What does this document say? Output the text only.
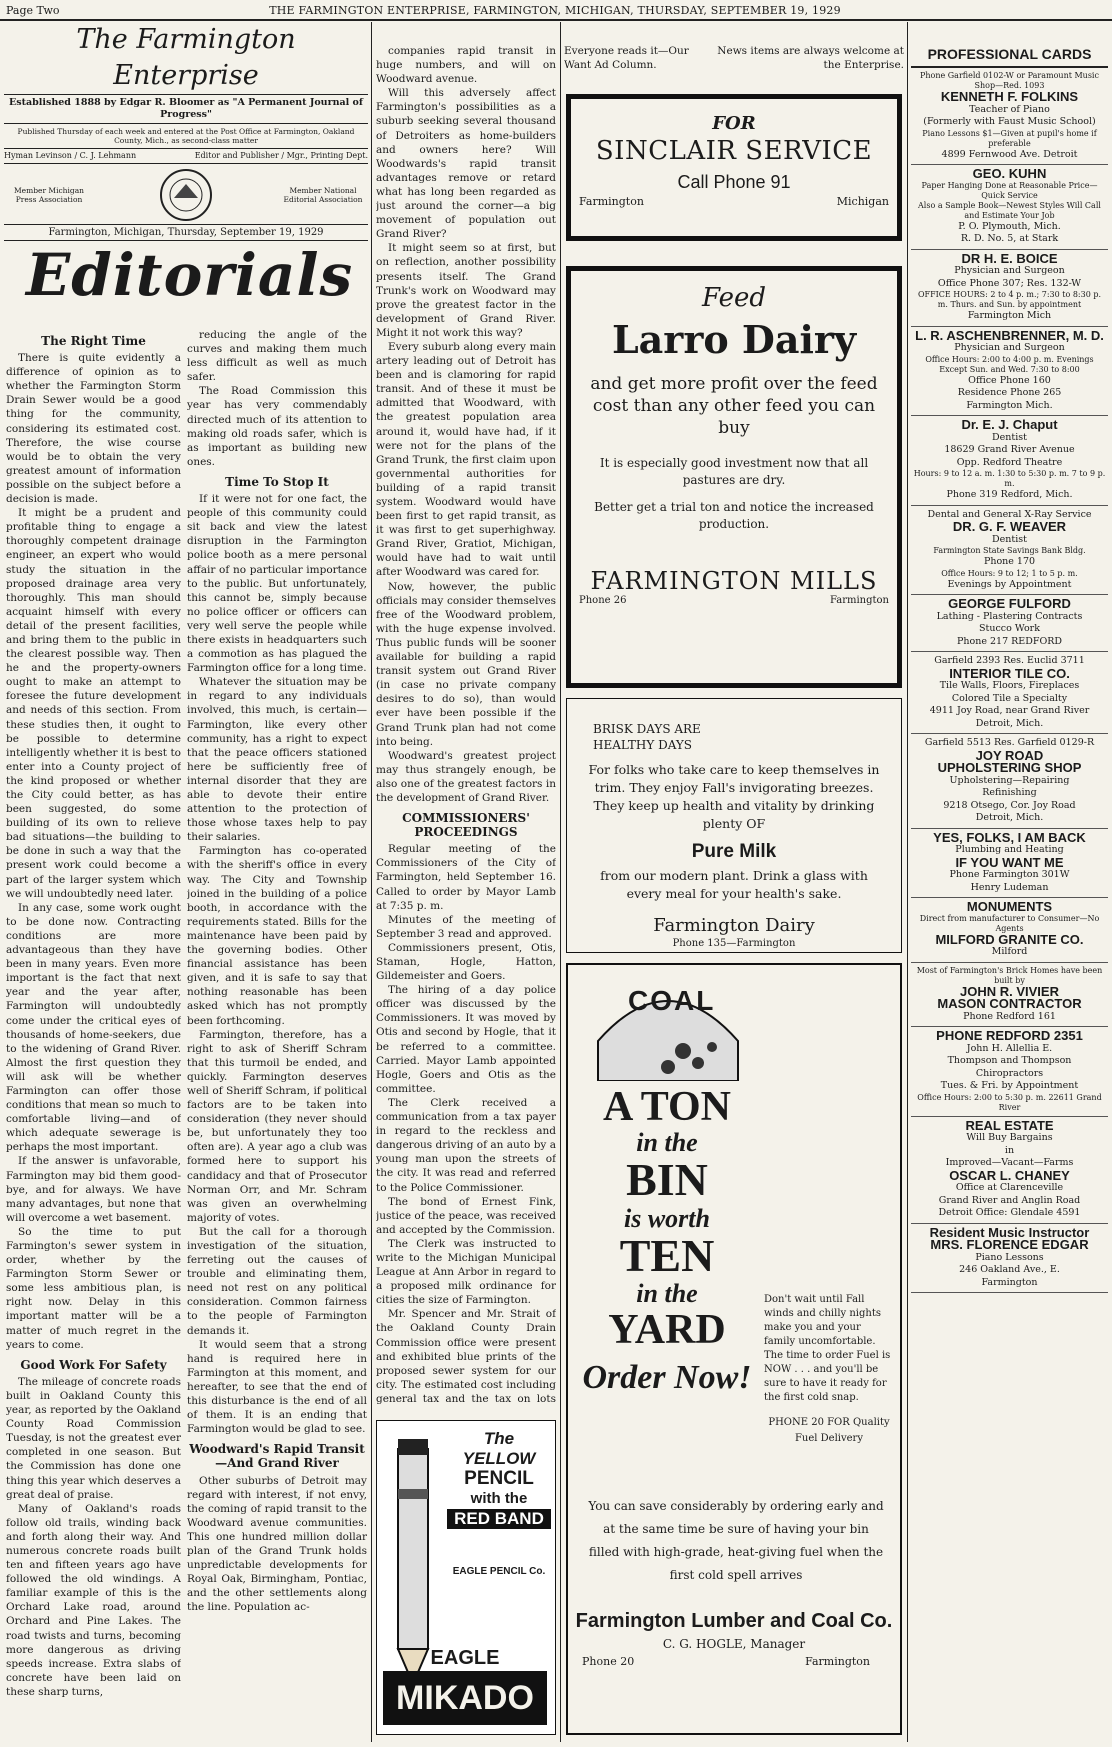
Page Two	THE FARMINGTON ENTERPRISE, FARMINGTON, MICHIGAN, THURSDAY, SEPTEMBER 19, 1929
The Farmington Enterprise
Established 1888 by Edgar R. Bloomer as "A Permanent Journal of Progress"
Published Thursday of each week and entered at the Post Office at Farmington, Oakland County, Mich., as second-class matter
Hyman Levinson / C. J. Lehmann	Editor and Publisher / Mgr., Printing Dept.
Member Michigan Press Association
Member National Editorial Association
Farmington, Michigan, Thursday, September 19, 1929
Editorials
The Right Time

There is quite evidently a difference of opinion as to whether the Farmington Storm Drain Sewer would be a good thing for the community, considering its estimated cost. Therefore, the wise course would be to obtain the very greatest amount of information possible on the subject before a decision is made.

It might be a prudent and profitable thing to engage a thoroughly competent drainage engineer, an expert who would study the situation in the proposed drainage area very thoroughly. This man should acquaint himself with every detail of the present facilities, and bring them to the public in the clearest possible way. Then he and the property-owners ought to make an attempt to foresee the future development and needs of this section. From these studies then, it ought to be possible to determine intelligently whether it is best to enter into a County project of the kind proposed or whether the City could better, as has been suggested, do some building of its own to relieve bad situations—the building to be done in such a way that the present work could become a part of the larger system which we will undoubtedly need later.

In any case, some work ought to be done now. Contracting conditions are more advantageous than they have been in many years. Even more important is the fact that next year and the year after, Farmington will undoubtedly come under the critical eyes of thousands of home-seekers, due to the widening of Grand River. Almost the first question they will ask will be whether Farmington can offer those conditions that mean so much to comfortable living—and of which adequate sewerage is perhaps the most important.

If the answer is unfavorable, Farmington may bid them good-bye, and for always. We have many advantages, but none that will overcome a wet basement.

So the time to put Farmington's sewer system in order, whether by the Farmington Storm Sewer or some less ambitious plan, is right now. Delay in this important matter will be a matter of much regret in the years to come.

Good Work For Safety

The mileage of concrete roads built in Oakland County this year, as reported by the Oakland County Road Commission Tuesday, is not the greatest ever completed in one season. But the Commission has done one thing this year which deserves a great deal of praise.

Many of Oakland's roads follow old trails, winding back and forth along their way. And numerous concrete roads built ten and fifteen years ago have followed the old windings. A familiar example of this is the Orchard Lake road, around Orchard and Pine Lakes. The road twists and turns, becoming more dangerous as driving speeds increase. Extra slabs of concrete have been laid on these sharp turns,

reducing the angle of the curves and making them much less difficult as well as much safer.

The Road Commission this year has very commendably directed much of its attention to making old roads safer, which is as important as building new ones.

Time To Stop It

If it were not for one fact, the people of this community could sit back and view the latest disruption in the Farmington police booth as a mere personal affair of no particular importance to the public. But unfortunately, this cannot be, simply because no police officer or officers can very well serve the people while there exists in headquarters such a commotion as has plagued the Farmington office for a long time.

Whatever the situation may be in regard to any individuals involved, this much, is certain—Farmington, like every other community, has a right to expect that the peace officers stationed here be sufficiently free of internal disorder that they are able to devote their entire attention to the protection of those whose taxes help to pay their salaries.

Farmington has co-operated with the sheriff's office in every way. The City and Township joined in the building of a police booth, in accordance with the requirements stated. Bills for the maintenance have been paid by the governing bodies. Other financial assistance has been given, and it is safe to say that nothing reasonable has been asked which has not promptly been forthcoming.

Farmington, therefore, has a right to ask of Sheriff Schram that this turmoil be ended, and quickly. Farmington deserves well of Sheriff Schram, if political factors are to be taken into consideration (they never should be, but unfortunately they too often are). A year ago a club was formed here to support his candidacy and that of Prosecutor Norman Orr, and Mr. Schram was given an overwhelming majority of votes.

But the call for a thorough investigation of the situation, ferreting out the causes of trouble and eliminating them, need not rest on any political consideration. Common fairness to the people of Farmington demands it.

It would seem that a strong hand is required here in Farmington at this moment, and hereafter, to see that the end of this disturbance is the end of all of them. It is an ending that Farmington would be glad to see.

Woodward's Rapid Transit —And Grand River

Other suburbs of Detroit may regard with interest, if not envy, the coming of rapid transit to the Woodward avenue communities. This one hundred million dollar plan of the Grand Trunk holds unpredictable developments for Royal Oak, Birmingham, Pontiac, and the other settlements along the line. Population ac-

companies rapid transit in huge numbers, and will on Woodward avenue.

Will this adversely affect Farmington's possibilities as a suburb seeking several thousand of Detroiters as home-builders and owners here? Will Woodwards's rapid transit advantages remove or retard what has long been regarded as just around the corner—a big movement of population out Grand River?

It might seem so at first, but on reflection, another possibility presents itself. The Grand Trunk's work on Woodward may prove the greatest factor in the development of Grand River. Might it not work this way?

Every suburb along every main artery leading out of Detroit has been and is clamoring for rapid transit. And of these it must be admitted that Woodward, with the greatest population area around it, would have had, if it were not for the plans of the Grand Trunk, the first claim upon governmental authorities for building of a rapid transit system. Woodward would have been first to get rapid transit, as it was first to get superhighway. Grand River, Gratiot, Michigan, would have had to wait until after Woodward was cared for.

Now, however, the public officials may consider themselves free of the Woodward problem, with the huge expense involved. Thus public funds will be sooner available for building a rapid transit system out Grand River (in case no private company desires to do so), than would ever have been possible if the Grand Trunk plan had not come into being.

Woodward's greatest project may thus strangely enough, be also one of the greatest factors in the development of Grand River.

COMMISSIONERS' PROCEEDINGS

Regular meeting of the Commissioners of the City of Farmington, held September 16. Called to order by Mayor Lamb at 7:35 p. m.

Minutes of the meeting of September 3 read and approved.

Commissioners present, Otis, Staman, Hogle, Hatton, Gildemeister and Goers.

The hiring of a day police officer was discussed by the Commissioners. It was moved by Otis and second by Hogle, that it be referred to a committee. Carried. Mayor Lamb appointed Hogle, Goers and Otis as the committee.

The Clerk received a communication from a tax payer in regard to the reckless and dangerous driving of an auto by a young man upon the streets of the city. It was read and referred to the Police Commissioner.

The bond of Ernest Fink, justice of the peace, was received and accepted by the Commission.

The Clerk was instructed to write to the Michigan Municipal League at Ann Arbor in regard to a proposed milk ordinance for cities the size of Farmington.

Mr. Spencer and Mr. Strait of the Oakland County Drain Commission office were present and exhibited blue prints of the proposed sewer system for our city. The estimated cost including general tax and the tax on lots

The YELLOW
PENCIL
with the
RED BAND
EAGLE PENCIL Co.
EAGLE
MIKADO
Everyone reads it—Our Want Ad Column.
News items are always welcome at the Enterprise.
FOR
SINCLAIR SERVICE
Call Phone 91
Farmington	Michigan
Feed
Larro Dairy
and get more profit over the feed cost than any other feed you can buy
It is especially good investment now that all pastures are dry.
Better get a trial ton and notice the increased production.
FARMINGTON MILLS
Phone 26	Farmington
BRISK DAYS ARE HEALTHY DAYS
For folks who take care to keep themselves in trim. They enjoy Fall's invigorating breezes. They keep up health and vitality by drinking plenty OF
Pure Milk
from our modern plant. Drink a glass with every meal for your health's sake.
Farmington Dairy
Phone 135—Farmington
COAL
A TON
in the
BIN
is worth
TEN
in the
YARD
Order Now!
Don't wait until Fall winds and chilly nights make you and your family uncomfortable. The time to order Fuel is NOW . . . and you'll be sure to have it ready for the first cold snap.
PHONE 20 FOR Quality Fuel Delivery
You can save considerably by ordering early and at the same time be sure of having your bin filled with high-grade, heat-giving fuel when the first cold spell arrives
Farmington Lumber and Coal Co.
C. G. HOGLE, Manager
Phone 20	Farmington
PROFESSIONAL CARDS
Phone Garfield 0102-W or Paramount Music Shop—Red. 1093
KENNETH F. FOLKINS
Teacher of Piano
(Formerly with Faust Music School)
Piano Lessons $1—Given at pupil's home if preferable
4899 Fernwood Ave. Detroit
GEO. KUHN
Paper Hanging Done at Reasonable Price—Quick Service
Also a Sample Book—Newest Styles Will Call and Estimate Your Job
P. O. Plymouth, Mich.
R. D. No. 5, at Stark
DR H. E. BOICE
Physician and Surgeon
Office Phone 307; Res. 132-W
OFFICE HOURS: 2 to 4 p. m.; 7:30 to 8:30 p. m. Thurs. and Sun. by appointment
Farmington Mich
L. R. ASCHENBRENNER, M. D.
Physician and Surgeon
Office Hours: 2:00 to 4:00 p. m. Evenings Except Sun. and Wed. 7:30 to 8:00
Office Phone 160
Residence Phone 265
Farmington Mich.
Dr. E. J. Chaput
Dentist
18629 Grand River Avenue
Opp. Redford Theatre
Hours: 9 to 12 a. m. 1:30 to 5:30 p. m. 7 to 9 p. m.
Phone 319 Redford, Mich.
Dental and General X-Ray Service
DR. G. F. WEAVER
Dentist
Farmington State Savings Bank Bldg.
Phone 170
Office Hours: 9 to 12; 1 to 5 p. m.
Evenings by Appointment
GEORGE FULFORD
Lathing - Plastering Contracts
Stucco Work
Phone 217 REDFORD
Garfield 2393 Res. Euclid 3711
INTERIOR TILE CO.
Tile Walls, Floors, Fireplaces
Colored Tile a Specialty
4911 Joy Road, near Grand River
Detroit, Mich.
Garfield 5513 Res. Garfield 0129-R
JOY ROAD
UPHOLSTERING SHOP
Upholstering—Repairing
Refinishing
9218 Otsego, Cor. Joy Road
Detroit, Mich.
YES, FOLKS, I AM BACK
Plumbing and Heating
IF YOU WANT ME
Phone Farmington 301W
Henry Ludeman
MONUMENTS
Direct from manufacturer to Consumer—No Agents
MILFORD GRANITE CO.
Milford
Most of Farmington's Brick Homes have been built by
JOHN R. VIVIER
MASON CONTRACTOR
Phone Redford 161
PHONE REDFORD 2351
John H. Allellia E.
Thompson and Thompson
Chiropractors
Tues. & Fri. by Appointment
Office Hours: 2:00 to 5:30 p. m. 22611 Grand River
REAL ESTATE
Will Buy Bargains
in
Improved—Vacant—Farms
OSCAR L. CHANEY
Office at Clarenceville
Grand River and Anglin Road
Detroit Office: Glendale 4591
Resident Music Instructor
MRS. FLORENCE EDGAR
Piano Lessons
246 Oakland Ave., E.
Farmington
